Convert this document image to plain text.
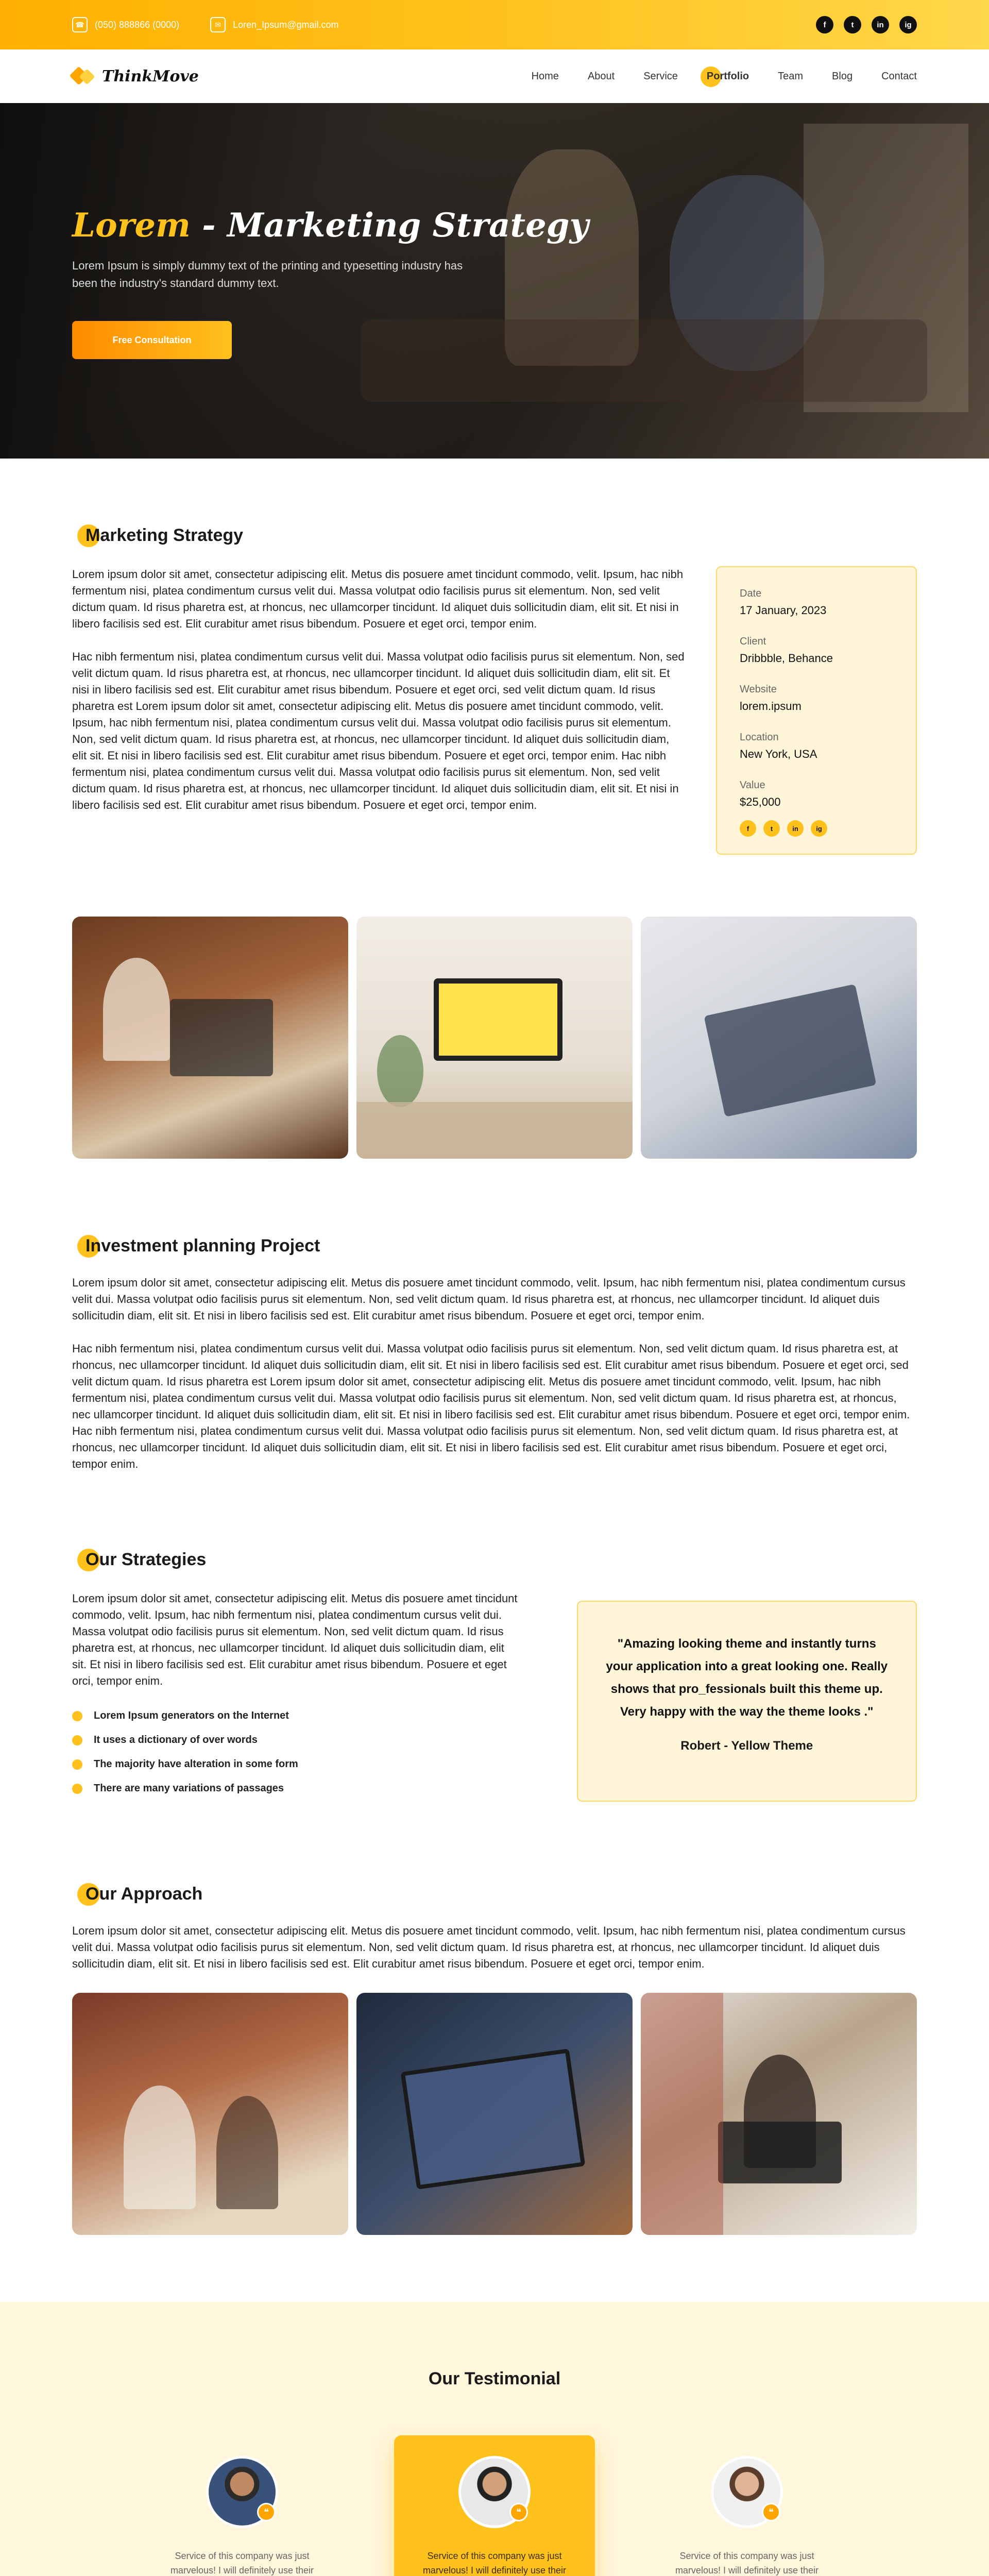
☎	(050) 888866 (0000)	✉	Loren_Ipsum@gmail.com	f	t	in	ig
ThinkMove	Home	About	Service	Portfolio	Team	Blog	Contact
Lorem - Marketing Strategy

Lorem Ipsum is simply dummy text of the printing and typesetting industry has been the industry's standard dummy text.

Free Consultation
Marketing Strategy

Lorem ipsum dolor sit amet, consectetur adipiscing elit. Metus dis posuere amet tincidunt commodo, velit. Ipsum, hac nibh fermentum nisi, platea condimentum cursus velit dui. Massa volutpat odio facilisis purus sit elementum. Non, sed velit dictum quam. Id risus pharetra est, at rhoncus, nec ullamcorper tincidunt. Id aliquet duis sollicitudin diam, elit sit. Et nisi in libero facilisis sed est. Elit curabitur amet risus bibendum. Posuere et eget orci, tempor enim.

Hac nibh fermentum nisi, platea condimentum cursus velit dui. Massa volutpat odio facilisis purus sit elementum. Non, sed velit dictum quam. Id risus pharetra est, at rhoncus, nec ullamcorper tincidunt. Id aliquet duis sollicitudin diam, elit sit. Et nisi in libero facilisis sed est. Elit curabitur amet risus bibendum. Posuere et eget orci, sed velit dictum quam. Id risus pharetra est Lorem ipsum dolor sit amet, consectetur adipiscing elit. Metus dis posuere amet tincidunt commodo, velit. Ipsum, hac nibh fermentum nisi, platea condimentum cursus velit dui. Massa volutpat odio facilisis purus sit elementum. Non, sed velit dictum quam. Id risus pharetra est, at rhoncus, nec ullamcorper tincidunt. Id aliquet duis sollicitudin diam, elit sit. Et nisi in libero facilisis sed est. Elit curabitur amet risus bibendum. Posuere et eget orci, tempor enim. Hac nibh fermentum nisi, platea condimentum cursus velit dui. Massa volutpat odio facilisis purus sit elementum. Non, sed velit dictum quam. Id risus pharetra est, at rhoncus, nec ullamcorper tincidunt. Id aliquet duis sollicitudin diam, elit sit. Et nisi in libero facilisis sed est. Elit curabitur amet risus bibendum. Posuere et eget orci, tempor enim.

Date
17 January, 2023
Client
Dribbble, Behance
Website
lorem.ipsum
Location
New York, USA
Value
$25,000
f	t	in	ig
Investment planning Project

Lorem ipsum dolor sit amet, consectetur adipiscing elit. Metus dis posuere amet tincidunt commodo, velit. Ipsum, hac nibh fermentum nisi, platea condimentum cursus velit dui. Massa volutpat odio facilisis purus sit elementum. Non, sed velit dictum quam. Id risus pharetra est, at rhoncus, nec ullamcorper tincidunt. Id aliquet duis sollicitudin diam, elit sit. Et nisi in libero facilisis sed est. Elit curabitur amet risus bibendum. Posuere et eget orci, tempor enim.

Hac nibh fermentum nisi, platea condimentum cursus velit dui. Massa volutpat odio facilisis purus sit elementum. Non, sed velit dictum quam. Id risus pharetra est, at rhoncus, nec ullamcorper tincidunt. Id aliquet duis sollicitudin diam, elit sit. Et nisi in libero facilisis sed est. Elit curabitur amet risus bibendum. Posuere et eget orci, sed velit dictum quam. Id risus pharetra est Lorem ipsum dolor sit amet, consectetur adipiscing elit. Metus dis posuere amet tincidunt commodo, velit. Ipsum, hac nibh fermentum nisi, platea condimentum cursus velit dui. Massa volutpat odio facilisis purus sit elementum. Non, sed velit dictum quam. Id risus pharetra est, at rhoncus, nec ullamcorper tincidunt. Id aliquet duis sollicitudin diam, elit sit. Et nisi in libero facilisis sed est. Elit curabitur amet risus bibendum. Posuere et eget orci, tempor enim. Hac nibh fermentum nisi, platea condimentum cursus velit dui. Massa volutpat odio facilisis purus sit elementum. Non, sed velit dictum quam. Id risus pharetra est, at rhoncus, nec ullamcorper tincidunt. Id aliquet duis sollicitudin diam, elit sit. Et nisi in libero facilisis sed est. Elit curabitur amet risus bibendum. Posuere et eget orci, tempor enim.

Our Strategies

Lorem ipsum dolor sit amet, consectetur adipiscing elit. Metus dis posuere amet tincidunt commodo, velit. Ipsum, hac nibh fermentum nisi, platea condimentum cursus velit dui. Massa volutpat odio facilisis purus sit elementum. Non, sed velit dictum quam. Id risus pharetra est, at rhoncus, nec ullamcorper tincidunt. Id aliquet duis sollicitudin diam, elit sit. Et nisi in libero facilisis sed est. Elit curabitur amet risus bibendum. Posuere et eget orci, tempor enim.

Lorem Ipsum generators on the Internet
It uses a dictionary of over words
The majority have alteration in some form
There are many variations of passages
"Amazing looking theme and instantly turns your application into a great looking one. Really shows that pro_fessionals built this theme up. Very happy with the way the theme looks ."
Robert - Yellow Theme
Our Approach

Lorem ipsum dolor sit amet, consectetur adipiscing elit. Metus dis posuere amet tincidunt commodo, velit. Ipsum, hac nibh fermentum nisi, platea condimentum cursus velit dui. Massa volutpat odio facilisis purus sit elementum. Non, sed velit dictum quam. Id risus pharetra est, at rhoncus, nec ullamcorper tincidunt. Id aliquet duis sollicitudin diam, elit sit. Et nisi in libero facilisis sed est. Elit curabitur amet risus bibendum. Posuere et eget orci, tempor enim.

Our Testimonial
❝
Service of this company was just marvelous! I will definitely use their
❝
Service of this company was just marvelous! I will definitely use their
❝
Service of this company was just marvelous! I will definitely use their
